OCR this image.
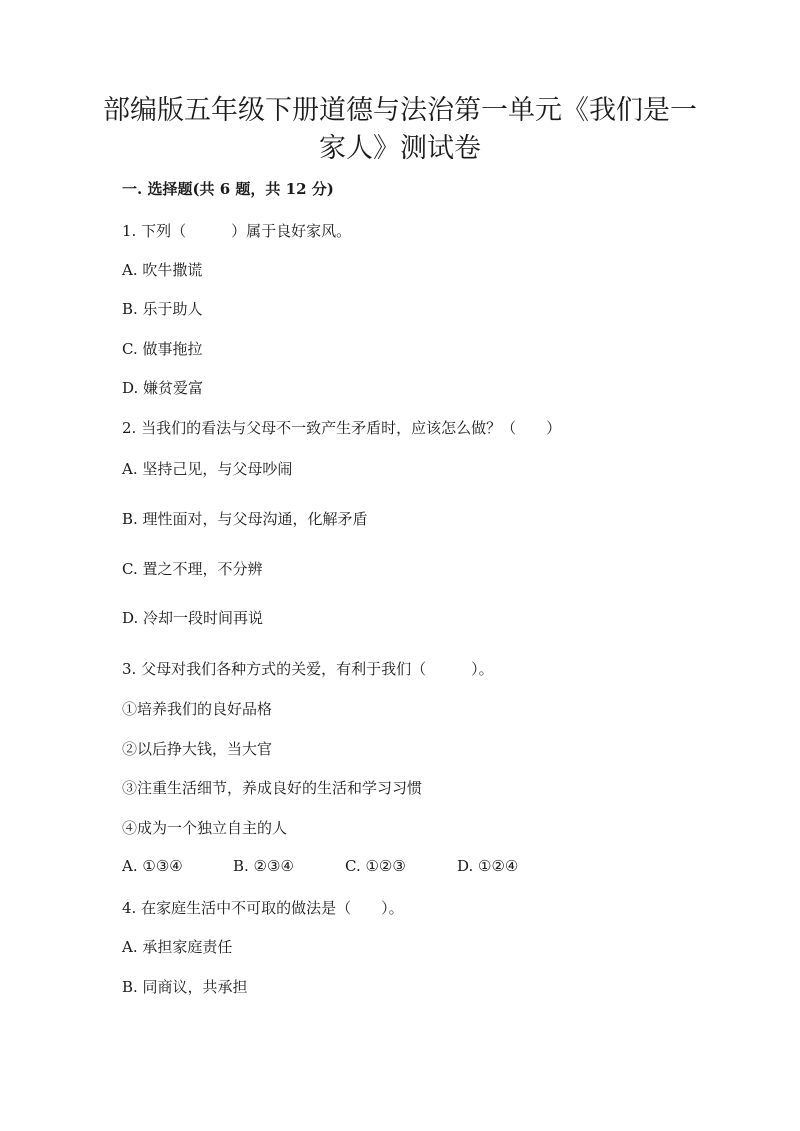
部编版五年级下册道德与法治第一单元《我们是一
家人》测试卷
一. 选择题(共 6 题，共 12 分)
1. 下列（　　　）属于良好家风。
A. 吹牛撒谎
B. 乐于助人
C. 做事拖拉
D. 嫌贫爱富
2. 当我们的看法与父母不一致产生矛盾时，应该怎么做？（　　）
A. 坚持己见，与父母吵闹
B. 理性面对，与父母沟通，化解矛盾
C. 置之不理，不分辨
D. 冷却一段时间再说
3. 父母对我们各种方式的关爱，有利于我们（　　　）。
①培养我们的良好品格
②以后挣大钱，当大官
③注重生活细节，养成良好的生活和学习习惯
④成为一个独立自主的人
A. ①③④	B. ②③④	C. ①②③	D. ①②④
4. 在家庭生活中不可取的做法是（　　）。
A. 承担家庭责任
B. 同商议，共承担
